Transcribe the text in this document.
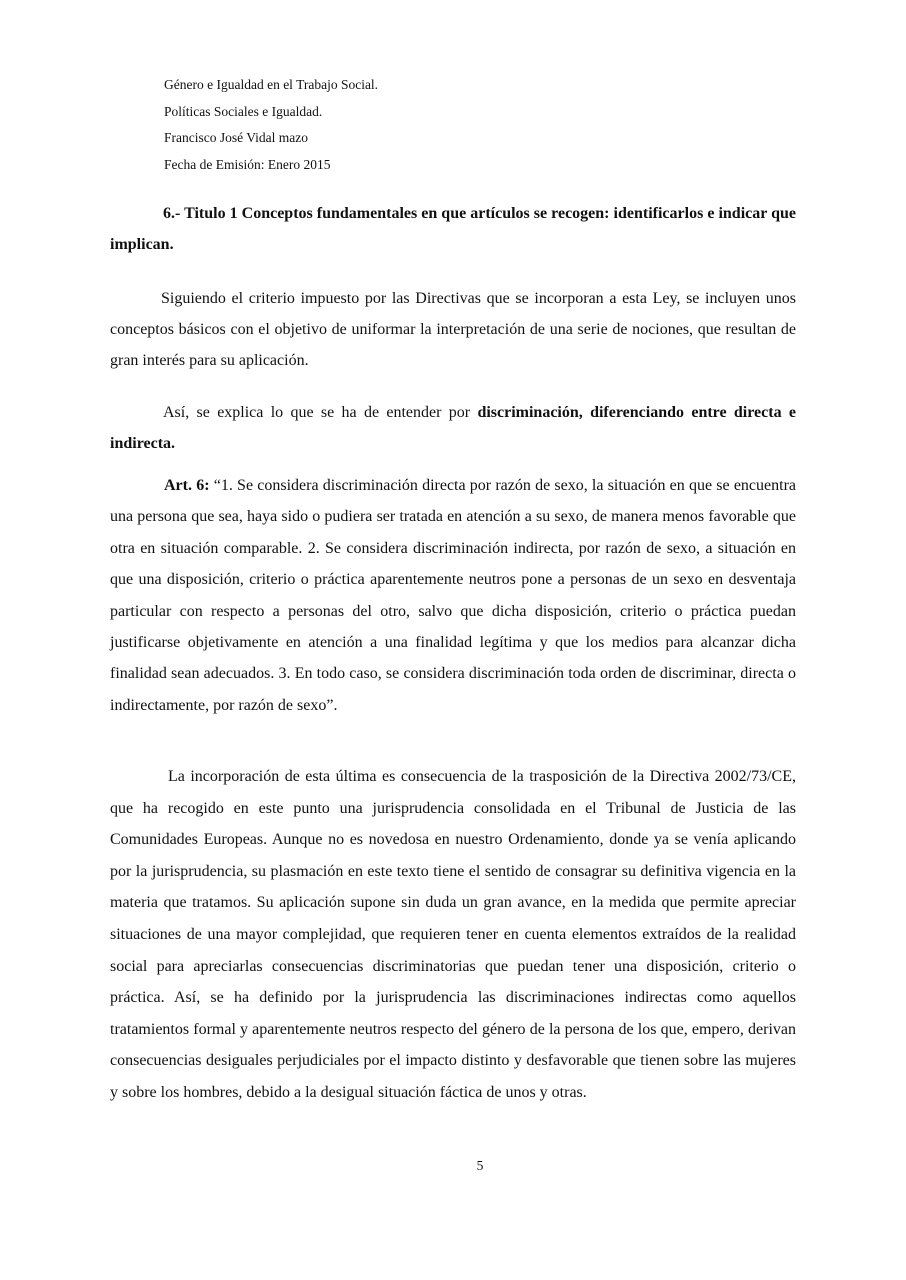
Género e Igualdad en el Trabajo Social.
Políticas Sociales e Igualdad.
Francisco José Vidal mazo
Fecha de Emisión: Enero 2015
6.- Titulo 1 Conceptos fundamentales en que artículos se recogen: identificarlos e indicar que implican.
Siguiendo el criterio impuesto por las Directivas que se incorporan a esta Ley, se incluyen unos conceptos básicos con el objetivo de uniformar la interpretación de una serie de nociones, que resultan de gran interés para su aplicación.
Así, se explica lo que se ha de entender por discriminación, diferenciando entre directa e indirecta.
Art. 6: “1. Se considera discriminación directa por razón de sexo, la situación en que se encuentra una persona que sea, haya sido o pudiera ser tratada en atención a su sexo, de manera menos favorable que otra en situación comparable. 2. Se considera discriminación indirecta, por razón de sexo, a situación en que una disposición, criterio o práctica aparentemente neutros pone a personas de un sexo en desventaja particular con respecto a personas del otro, salvo que dicha disposición, criterio o práctica puedan justificarse objetivamente en atención a una finalidad legítima y que los medios para alcanzar dicha finalidad sean adecuados. 3. En todo caso, se considera discriminación toda orden de discriminar, directa o indirectamente, por razón de sexo”.
La incorporación de esta última es consecuencia de la trasposición de la Directiva 2002/73/CE, que ha recogido en este punto una jurisprudencia consolidada en el Tribunal de Justicia de las Comunidades Europeas. Aunque no es novedosa en nuestro Ordenamiento, donde ya se venía aplicando por la jurisprudencia, su plasmación en este texto tiene el sentido de consagrar su definitiva vigencia en la materia que tratamos. Su aplicación supone sin duda un gran avance, en la medida que permite apreciar situaciones de una mayor complejidad, que requieren tener en cuenta elementos extraídos de la realidad social para apreciarlas consecuencias discriminatorias que puedan tener una disposición, criterio o práctica. Así, se ha definido por la jurisprudencia las discriminaciones indirectas como aquellos tratamientos formal y aparentemente neutros respecto del género de la persona de los que, empero, derivan consecuencias desiguales perjudiciales por el impacto distinto y desfavorable que tienen sobre las mujeres y sobre los hombres, debido a la desigual situación fáctica de unos y otras.
5
